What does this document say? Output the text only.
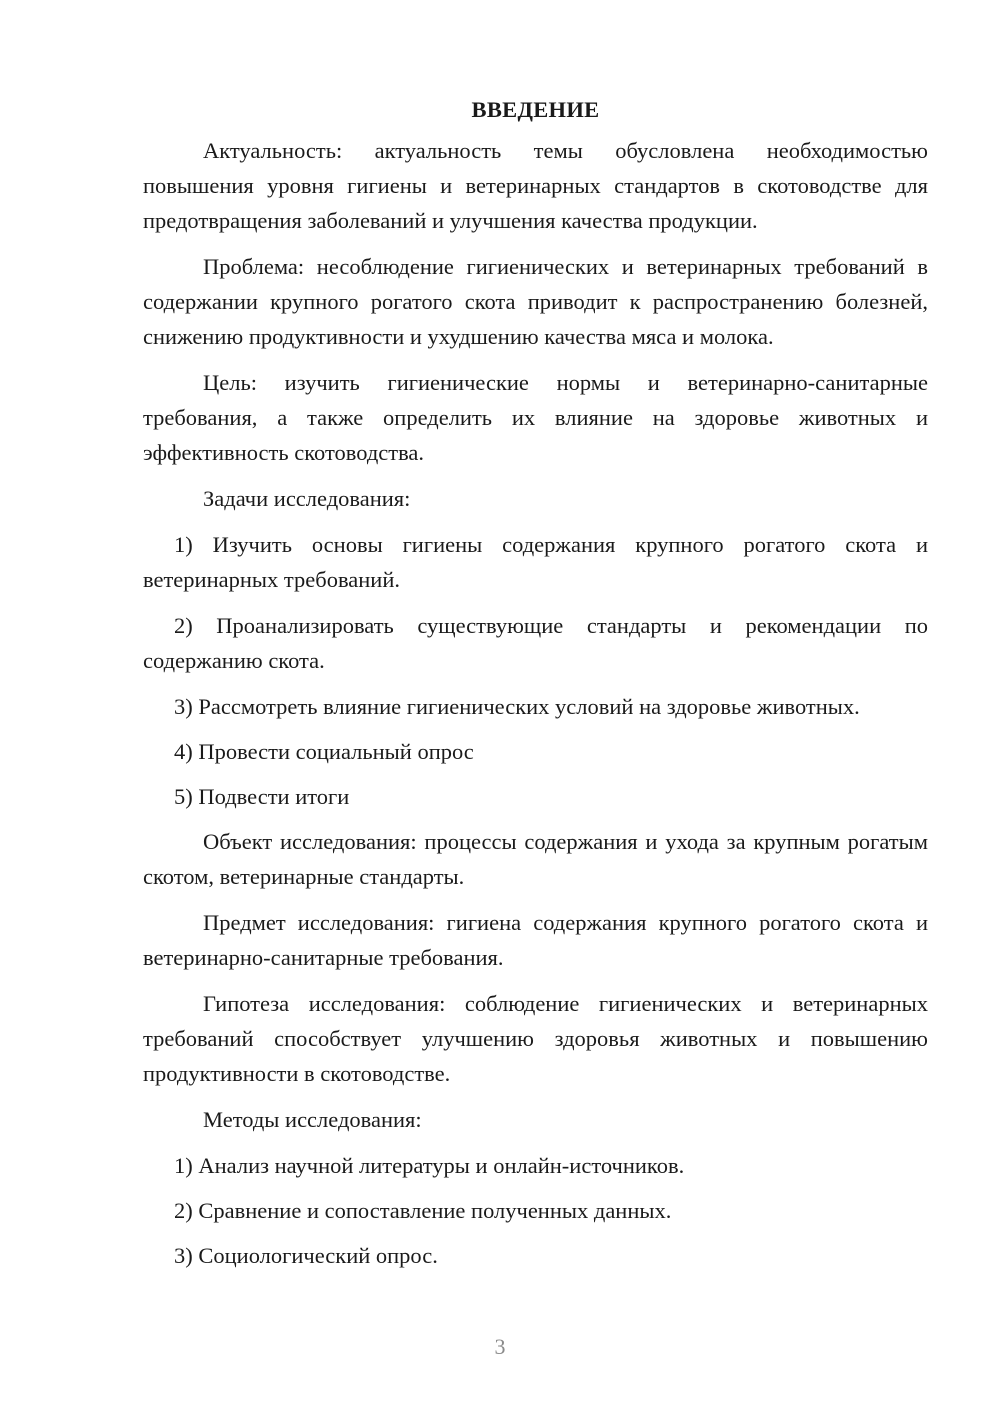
ВВЕДЕНИЕ

Актуальность: актуальность темы обусловлена необходимостью повышения уровня гигиены и ветеринарных стандартов в скотоводстве для предотвращения заболеваний и улучшения качества продукции.

Проблема: несоблюдение гигиенических и ветеринарных требований в содержании крупного рогатого скота приводит к распространению болезней, снижению продуктивности и ухудшению качества мяса и молока.

Цель: изучить гигиенические нормы и ветеринарно-санитарные требования, а также определить их влияние на здоровье животных и эффективность скотоводства.

Задачи исследования:

1) Изучить основы гигиены содержания крупного рогатого скота и ветеринарных требований.

2) Проанализировать существующие стандарты и рекомендации по содержанию скота.

3) Рассмотреть влияние гигиенических условий на здоровье животных.

4) Провести социальный опрос

5) Подвести итоги

Объект исследования: процессы содержания и ухода за крупным рогатым скотом, ветеринарные стандарты.

Предмет исследования: гигиена содержания крупного рогатого скота и ветеринарно-санитарные требования.

Гипотеза исследования: соблюдение гигиенических и ветеринарных требований способствует улучшению здоровья животных и повышению продуктивности в скотоводстве.

Методы исследования:

1) Анализ научной литературы и онлайн-источников.

2) Сравнение и сопоставление полученных данных.

3) Социологический опрос.

3
